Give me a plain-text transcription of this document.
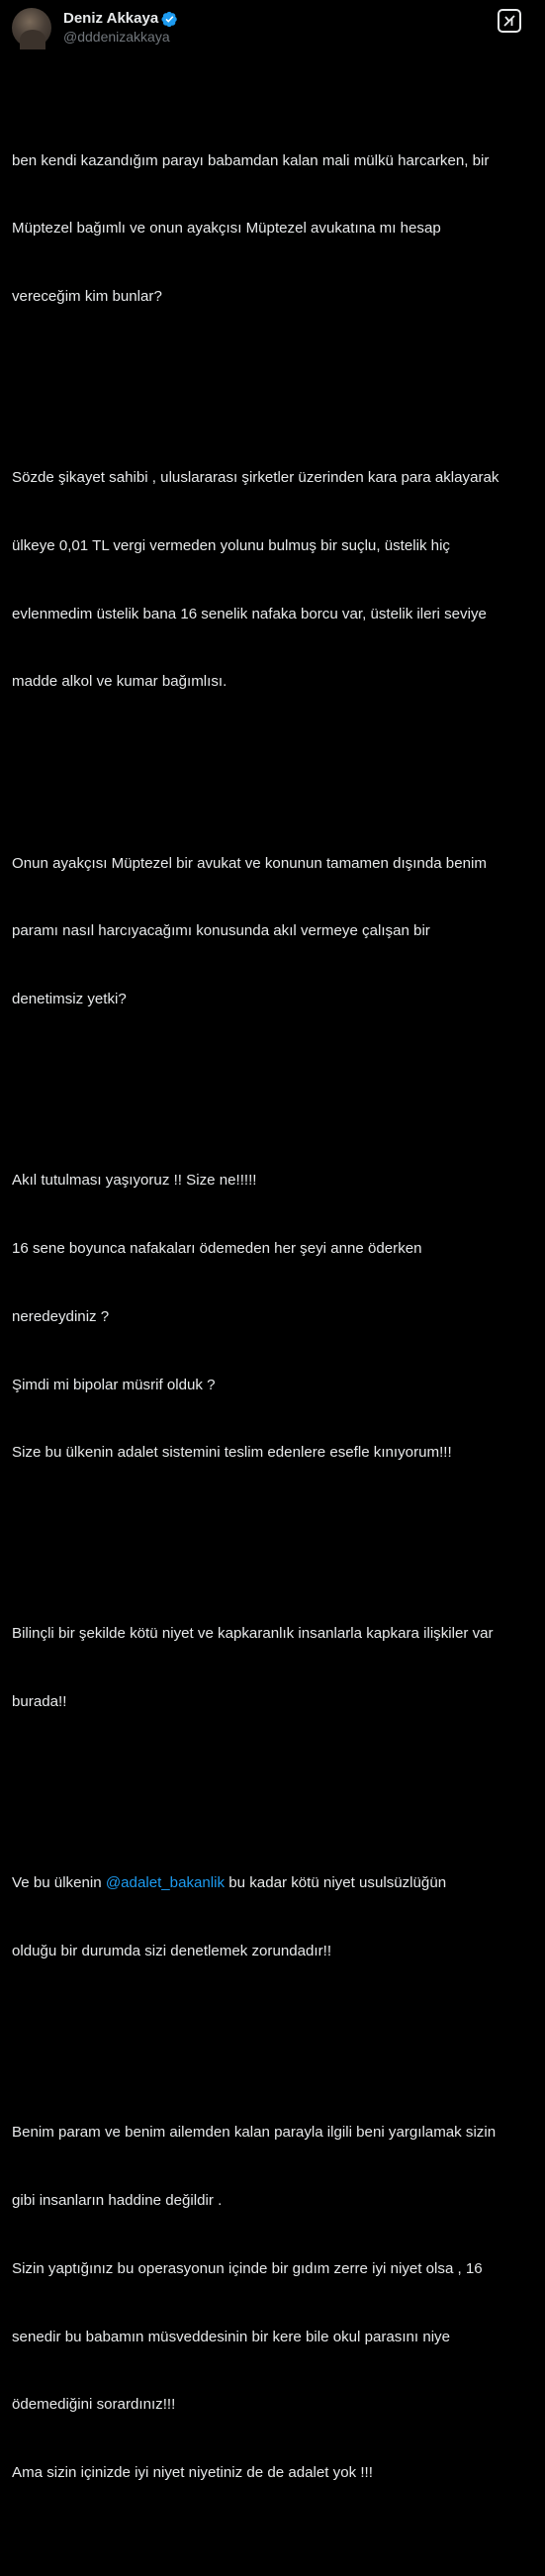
Deniz Akkaya
@dddenizakkaya

ben kendi kazandığım parayı babamdan kalan mali mülkü harcarken, bir

Müptezel bağımlı ve onun ayakçısı Müptezel avukatına mı hesap

vereceğim kim bunlar?

Sözde şikayet sahibi , uluslararası şirketler üzerinden kara para aklayarak

ülkeye 0,01 TL vergi vermeden yolunu bulmuş bir suçlu, üstelik hiç

evlenmedim üstelik bana 16 senelik nafaka borcu var, üstelik ileri seviye

madde alkol ve kumar bağımlısı.

Onun ayakçısı Müptezel bir avukat ve konunun tamamen dışında benim

paramı nasıl harcıyacağımı konusunda akıl vermeye çalışan bir

denetimsiz yetki?

Akıl tutulması yaşıyoruz !! Size ne!!!!!

16 sene boyunca nafakaları ödemeden her şeyi anne öderken

neredeydiniz ?

Şimdi mi bipolar müsrif olduk ?

Size bu ülkenin adalet sistemini teslim edenlere esefle kınıyorum!!!

Bilinçli bir şekilde kötü niyet ve kapkaranlık insanlarla kapkara ilişkiler var

burada!!

Ve bu ülkenin @adalet_bakanlik bu kadar kötü niyet usulsüzlüğün

olduğu bir durumda sizi denetlemek zorundadır!!

Benim param ve benim ailemden kalan parayla ilgili beni yargılamak sizin

gibi insanların haddine değildir .

Sizin yaptığınız bu operasyonun içinde bir gıdım zerre iyi niyet olsa , 16

senedir bu babamın müsveddesinin bir kere bile okul parasını niye

ödemediğini sorardınız!!!

Ama sizin içinizde iyi niyet niyetiniz de de adalet yok !!!
